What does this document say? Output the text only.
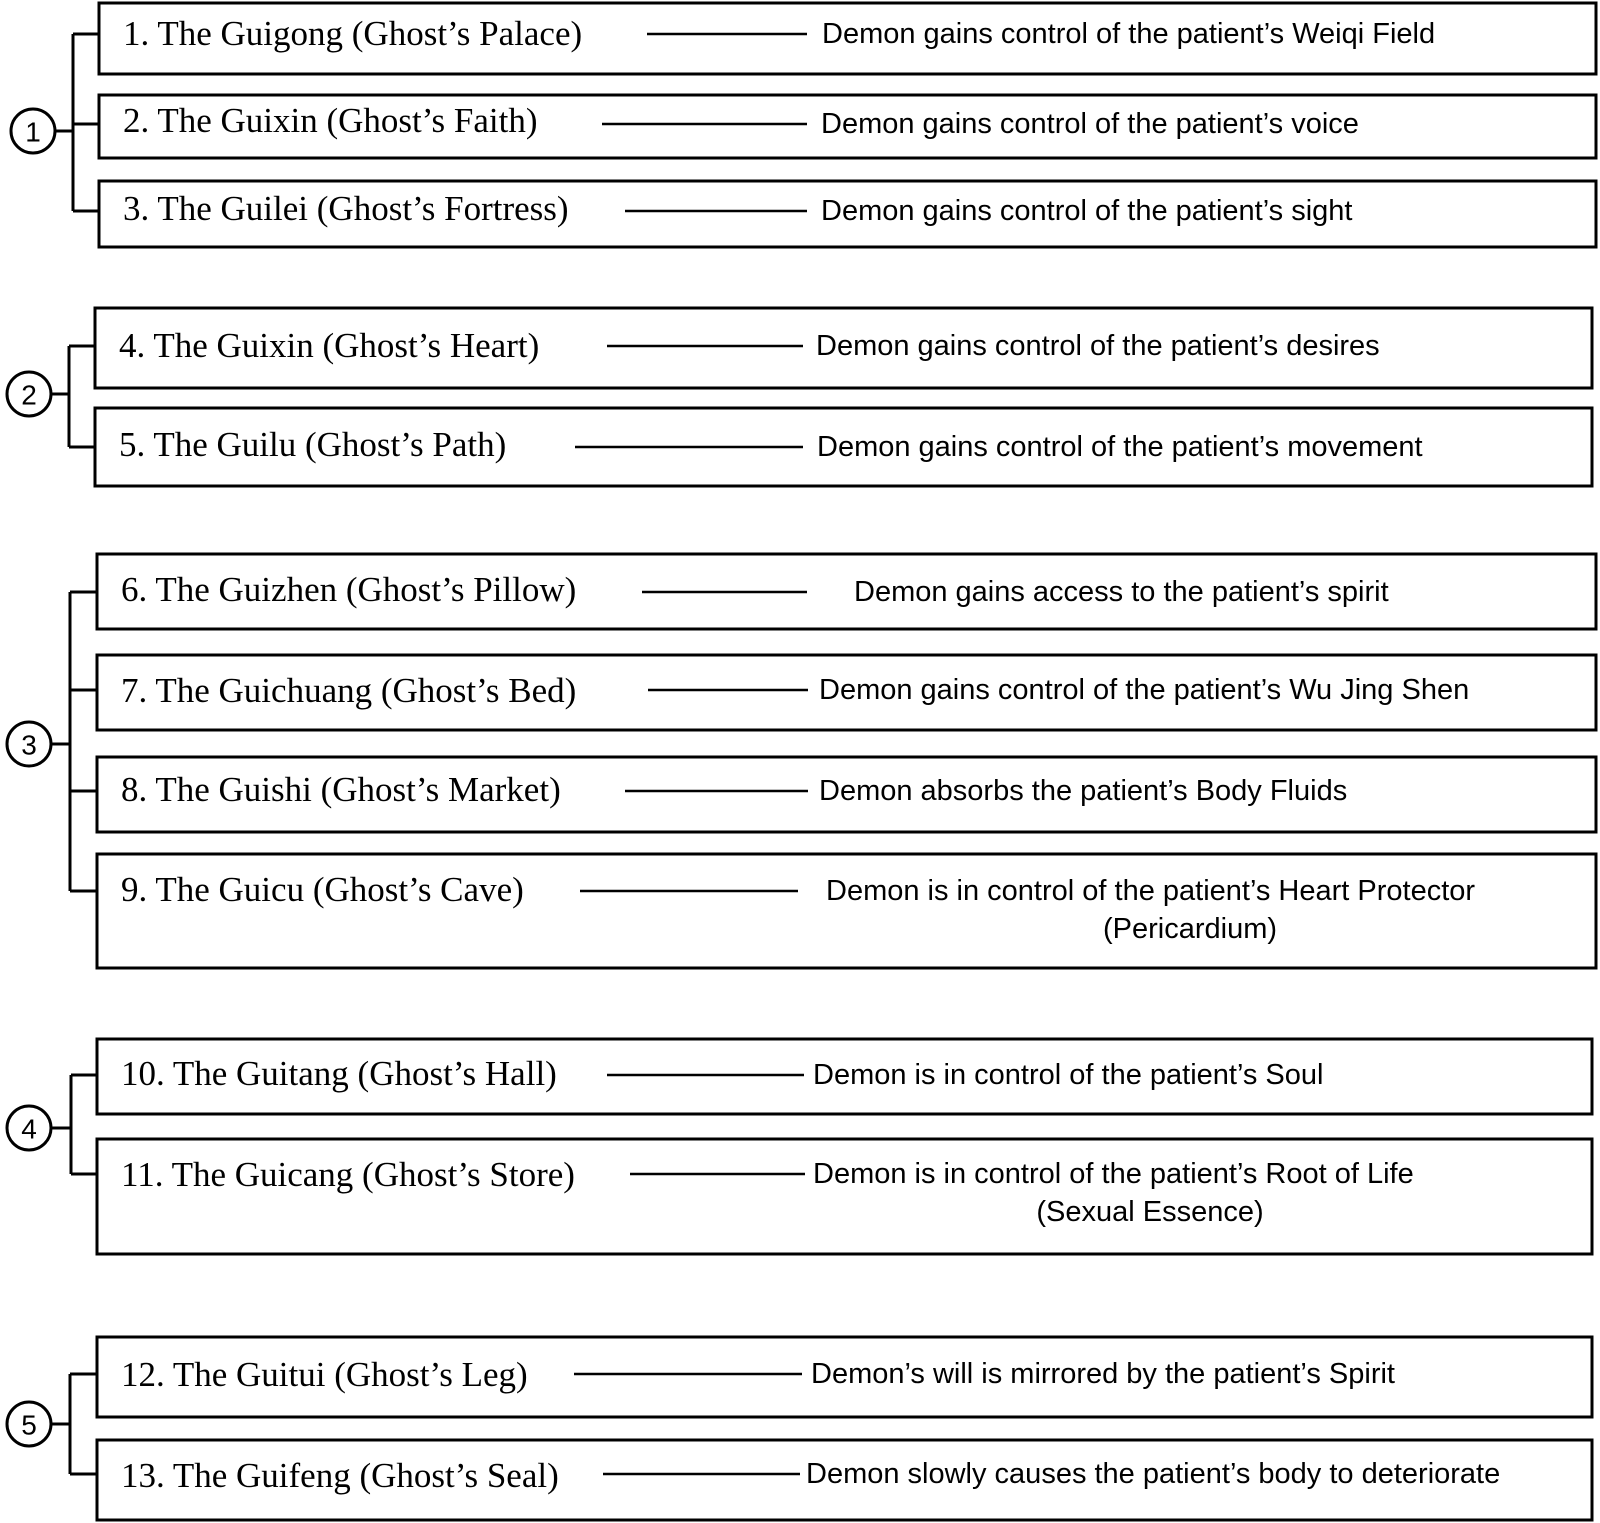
1
1. The Guigong (Ghost’s Palace)	Demon gains control of the patient’s Weiqi Field
2. The Guixin (Ghost’s Faith)	Demon gains control of the patient’s voice
3. The Guilei (Ghost’s Fortress)	Demon gains control of the patient’s sight
2
4. The Guixin (Ghost’s Heart)	Demon gains control of the patient’s desires
5. The Guilu (Ghost’s Path)	Demon gains control of the patient’s movement
3
6. The Guizhen (Ghost’s Pillow)	Demon gains access to the patient’s spirit
7. The Guichuang (Ghost’s Bed)	Demon gains control of the patient’s Wu Jing Shen
8. The Guishi (Ghost’s Market)	Demon absorbs the patient’s Body Fluids
9. The Guicu (Ghost’s Cave)	Demon is in control of the patient’s Heart Protector
(Pericardium)
4
10. The Guitang (Ghost’s Hall)	Demon is in control of the patient’s Soul
11. The Guicang (Ghost’s Store)	Demon is in control of the patient’s Root of Life
(Sexual Essence)
5
12. The Guitui (Ghost’s Leg)	Demon’s will is mirrored by the patient’s Spirit
13. The Guifeng (Ghost’s Seal)	Demon slowly causes the patient’s body to deteriorate
